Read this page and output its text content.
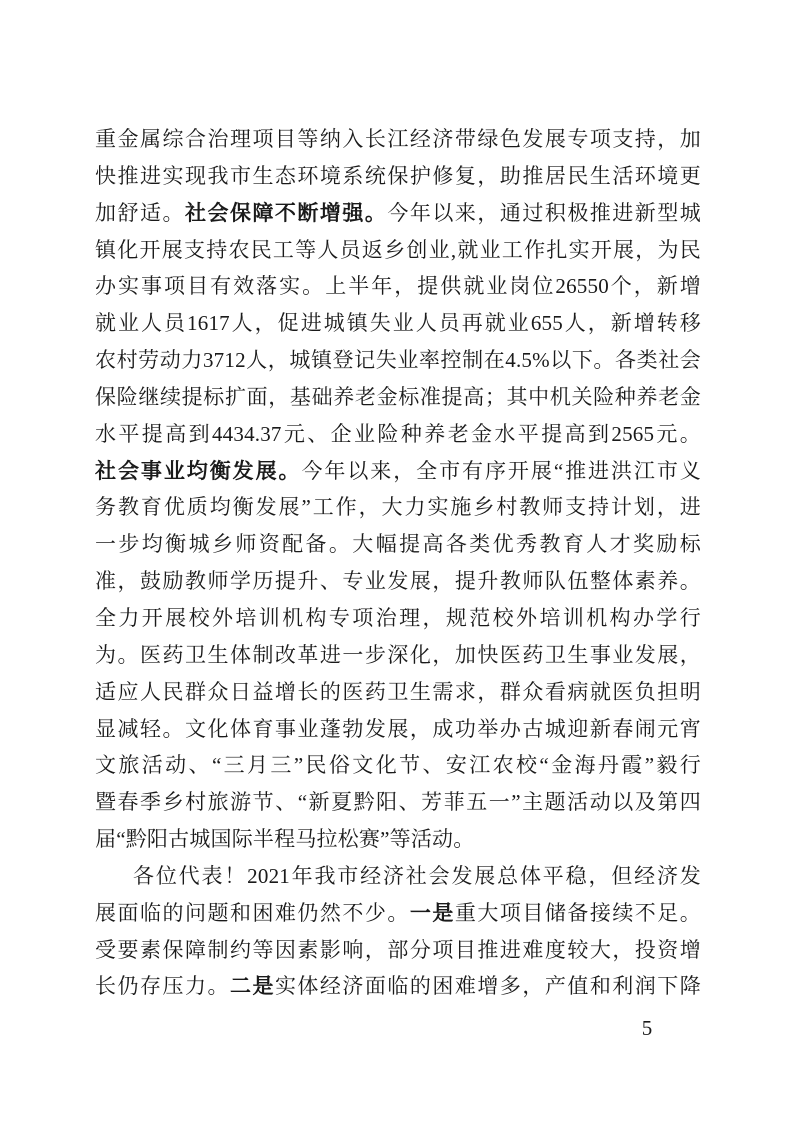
重金属综合治理项目等纳入长江经济带绿色发展专项支持，加
快推进实现我市生态环境系统保护修复，助推居民生活环境更
加舒适。社会保障不断增强。今年以来，通过积极推进新型城
镇化开展支持农民工等人员返乡创业,就业工作扎实开展，为民
办实事项目有效落实。上半年，提供就业岗位26550个，新增
就业人员1617人，促进城镇失业人员再就业655人，新增转移
农村劳动力3712人，城镇登记失业率控制在4.5%以下。各类社会
保险继续提标扩面，基础养老金标准提高；其中机关险种养老金
水平提高到4434.37元、企业险种养老金水平提高到2565元。
社会事业均衡发展。今年以来，全市有序开展“推进洪江市义
务教育优质均衡发展”工作，大力实施乡村教师支持计划，进
一步均衡城乡师资配备。大幅提高各类优秀教育人才奖励标
准，鼓励教师学历提升、专业发展，提升教师队伍整体素养。
全力开展校外培训机构专项治理，规范校外培训机构办学行
为。医药卫生体制改革进一步深化，加快医药卫生事业发展，
适应人民群众日益增长的医药卫生需求，群众看病就医负担明
显减轻。文化体育事业蓬勃发展，成功举办古城迎新春闹元宵
文旅活动、“三月三”民俗文化节、安江农校“金海丹霞”毅行
暨春季乡村旅游节、“新夏黔阳、芳菲五一”主题活动以及第四
届“黔阳古城国际半程马拉松赛”等活动。
各位代表！2021年我市经济社会发展总体平稳，但经济发
展面临的问题和困难仍然不少。一是重大项目储备接续不足。
受要素保障制约等因素影响，部分项目推进难度较大，投资增
长仍存压力。二是实体经济面临的困难增多，产值和利润下降
5
